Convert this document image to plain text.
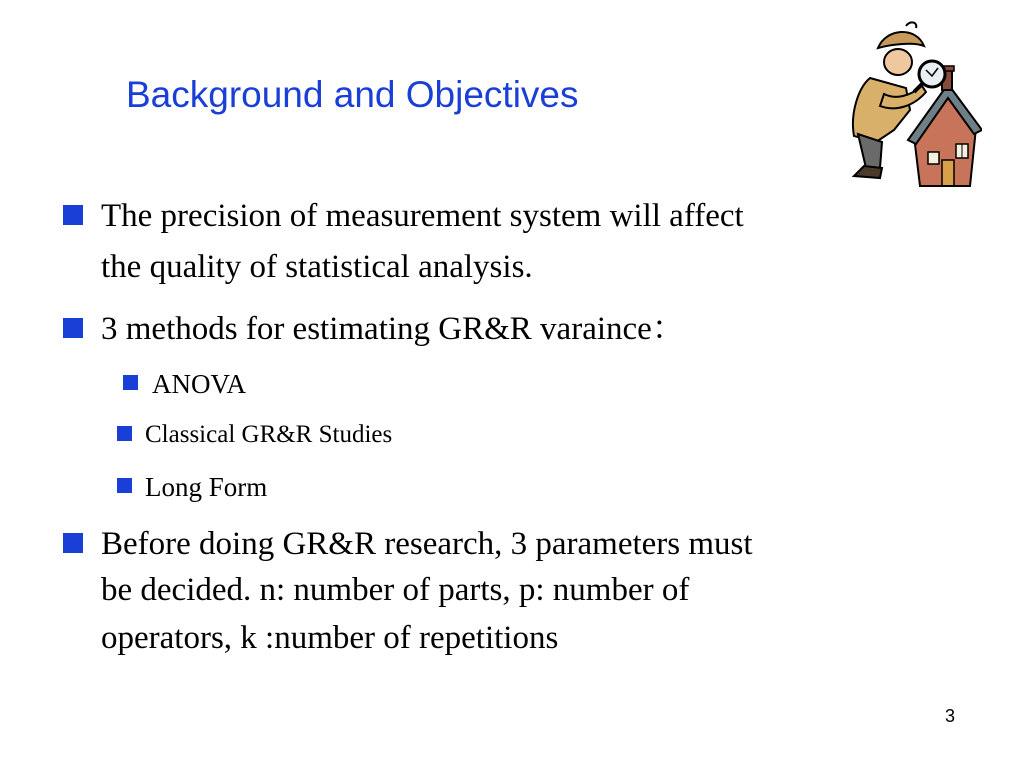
Background and Objectives
The precision of measurement system will affect
the quality of statistical analysis.
3 methods for estimating GR&R varaince：
ANOVA
Classical GR&R Studies
Long Form
Before doing GR&R research, 3 parameters must
be decided. n: number of parts, p: number of
operators, k :number of repetitions
3
